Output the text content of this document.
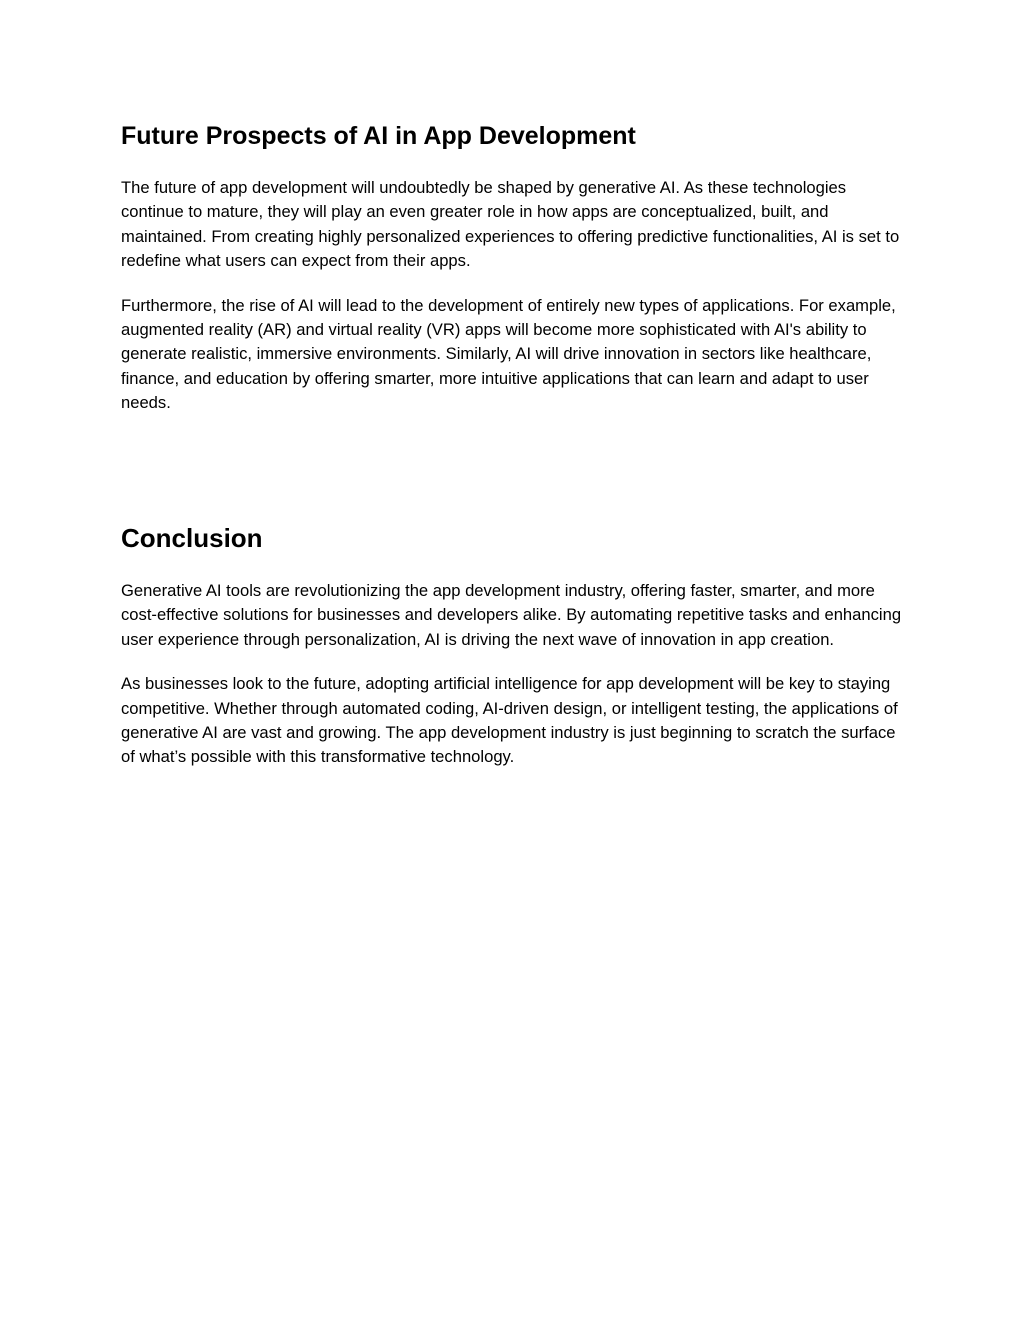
Future Prospects of AI in App Development

The future of app development will undoubtedly be shaped by generative AI. As these technologies continue to mature, they will play an even greater role in how apps are conceptualized, built, and maintained. From creating highly personalized experiences to offering predictive functionalities, AI is set to redefine what users can expect from their apps.

Furthermore, the rise of AI will lead to the development of entirely new types of applications. For example, augmented reality (AR) and virtual reality (VR) apps will become more sophisticated with AI's ability to generate realistic, immersive environments. Similarly, AI will drive innovation in sectors like healthcare, finance, and education by offering smarter, more intuitive applications that can learn and adapt to user needs.

Conclusion

Generative AI tools are revolutionizing the app development industry, offering faster, smarter, and more cost-effective solutions for businesses and developers alike. By automating repetitive tasks and enhancing user experience through personalization, AI is driving the next wave of innovation in app creation.

As businesses look to the future, adopting artificial intelligence for app development will be key to staying competitive. Whether through automated coding, AI-driven design, or intelligent testing, the applications of generative AI are vast and growing. The app development industry is just beginning to scratch the surface of what’s possible with this transformative technology.
